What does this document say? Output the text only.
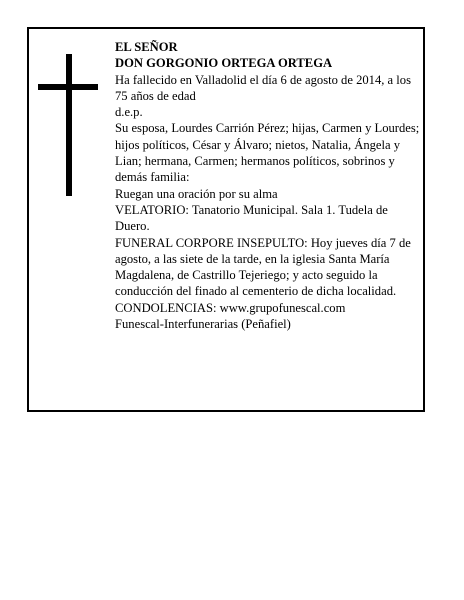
EL SEÑOR
DON GORGONIO ORTEGA ORTEGA
Ha fallecido en Valladolid el día 6 de agosto de 2014, a los 75 años de edad
d.e.p.
Su esposa, Lourdes Carrión Pérez; hijas, Carmen y Lourdes; hijos políticos, César y Álvaro; nietos, Natalia, Ángela y Lian; hermana, Carmen; hermanos políticos, sobrinos y demás familia:
Ruegan una oración por su alma
VELATORIO: Tanatorio Municipal. Sala 1. Tudela de Duero.
FUNERAL CORPORE INSEPULTO: Hoy jueves día 7 de agosto, a las siete de la tarde, en la iglesia Santa María Magdalena, de Castrillo Tejeriego; y acto seguido la conducción del finado al cementerio de dicha localidad.
CONDOLENCIAS: www.grupofunescal.com
Funescal-Interfunerarias (Peñafiel)
